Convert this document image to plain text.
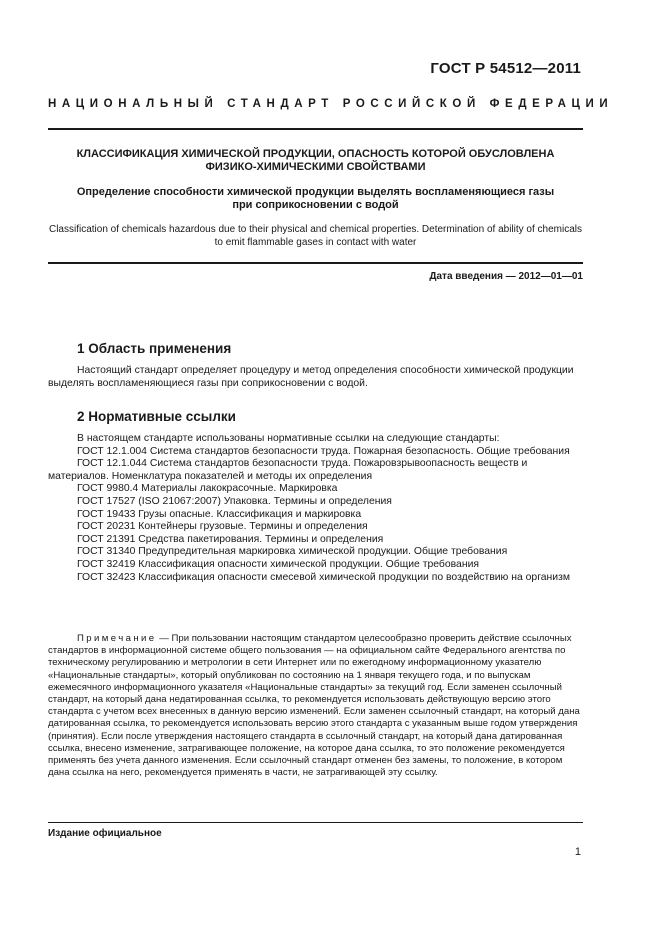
ГОСТ Р 54512—2011
НАЦИОНАЛЬНЫЙ СТАНДАРТ РОССИЙСКОЙ ФЕДЕРАЦИИ
КЛАССИФИКАЦИЯ ХИМИЧЕСКОЙ ПРОДУКЦИИ, ОПАСНОСТЬ КОТОРОЙ ОБУСЛОВЛЕНА
ФИЗИКО-ХИМИЧЕСКИМИ СВОЙСТВАМИ
Определение способности химической продукции выделять воспламеняющиеся газы
при соприкосновении с водой
Classification of chemicals hazardous due to their physical and chemical properties. Determination of ability of chemicals
to emit flammable gases in contact with water
Дата введения — 2012—01—01
1 Область применения
Настоящий стандарт определяет процедуру и метод определения способности химической продукции выделять воспламеняющиеся газы при соприкосновении с водой.
2 Нормативные ссылки
В настоящем стандарте использованы нормативные ссылки на следующие стандарты:
ГОСТ 12.1.004 Система стандартов безопасности труда. Пожарная безопасность. Общие требования
ГОСТ 12.1.044 Система стандартов безопасности труда. Пожаровзрывоопасность веществ и материалов. Номенклатура показателей и методы их определения
ГОСТ 9980.4 Материалы лакокрасочные. Маркировка
ГОСТ 17527 (ISO 21067:2007) Упаковка. Термины и определения
ГОСТ 19433 Грузы опасные. Классификация и маркировка
ГОСТ 20231 Контейнеры грузовые. Термины и определения
ГОСТ 21391 Средства пакетирования. Термины и определения
ГОСТ 31340 Предупредительная маркировка химической продукции. Общие требования
ГОСТ 32419 Классификация опасности химической продукции. Общие требования
ГОСТ 32423 Классификация опасности смесевой химической продукции по воздействию на организм
Примечание — При пользовании настоящим стандартом целесообразно проверить действие ссылочных стандартов в информационной системе общего пользования — на официальном сайте Федерального агентства по техническому регулированию и метрологии в сети Интернет или по ежегодному информационному указателю «Национальные стандарты», который опубликован по состоянию на 1 января текущего года, и по выпускам ежемесячного информационного указателя «Национальные стандарты» за текущий год. Если заменен ссылочный стандарт, на который дана недатированная ссылка, то рекомендуется использовать действующую версию этого стандарта с учетом всех внесенных в данную версию изменений. Если заменен ссылочный стандарт, на который дана датированная ссылка, то рекомендуется использовать версию этого стандарта с указанным выше годом утверждения (принятия). Если после утверждения настоящего стандарта в ссылочный стандарт, на который дана датированная ссылка, внесено изменение, затрагивающее положение, на которое дана ссылка, то это положение рекомендуется применять без учета данного изменения. Если ссылочный стандарт отменен без замены, то положение, в котором дана ссылка на него, рекомендуется применять в части, не затрагивающей эту ссылку.
Издание официальное
1
